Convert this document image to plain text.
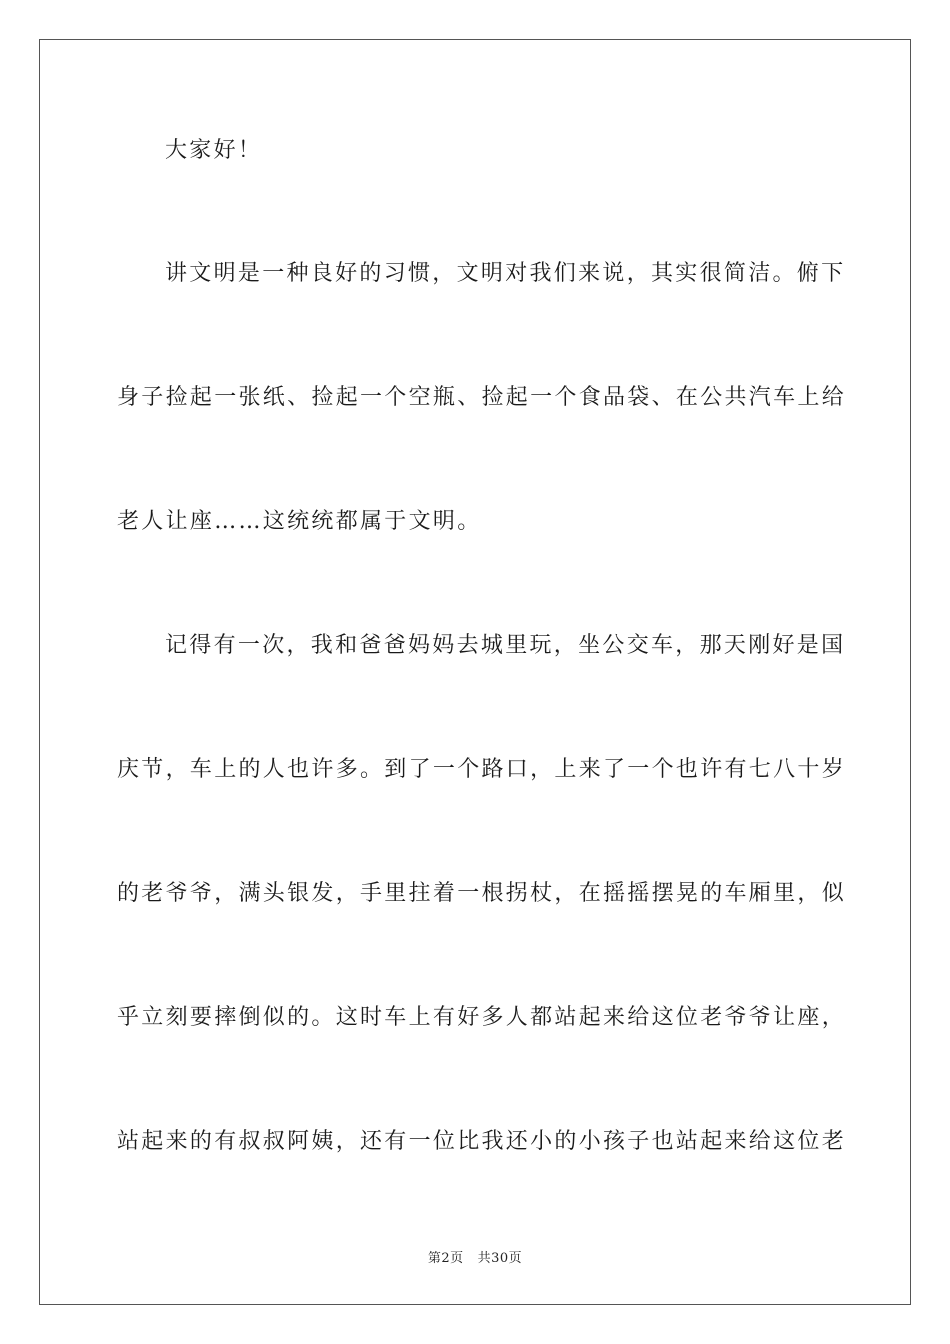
大家好！
讲文明是一种良好的习惯，文明对我们来说，其实很简洁。俯下
身子捡起一张纸、捡起一个空瓶、捡起一个食品袋、在公共汽车上给
老人让座……这统统都属于文明。
记得有一次，我和爸爸妈妈去城里玩，坐公交车，那天刚好是国
庆节，车上的人也许多。到了一个路口，上来了一个也许有七八十岁
的老爷爷，满头银发，手里拄着一根拐杖，在摇摇摆晃的车厢里，似
乎立刻要摔倒似的。这时车上有好多人都站起来给这位老爷爷让座，
站起来的有叔叔阿姨，还有一位比我还小的小孩子也站起来给这位老
第2页 共30页
